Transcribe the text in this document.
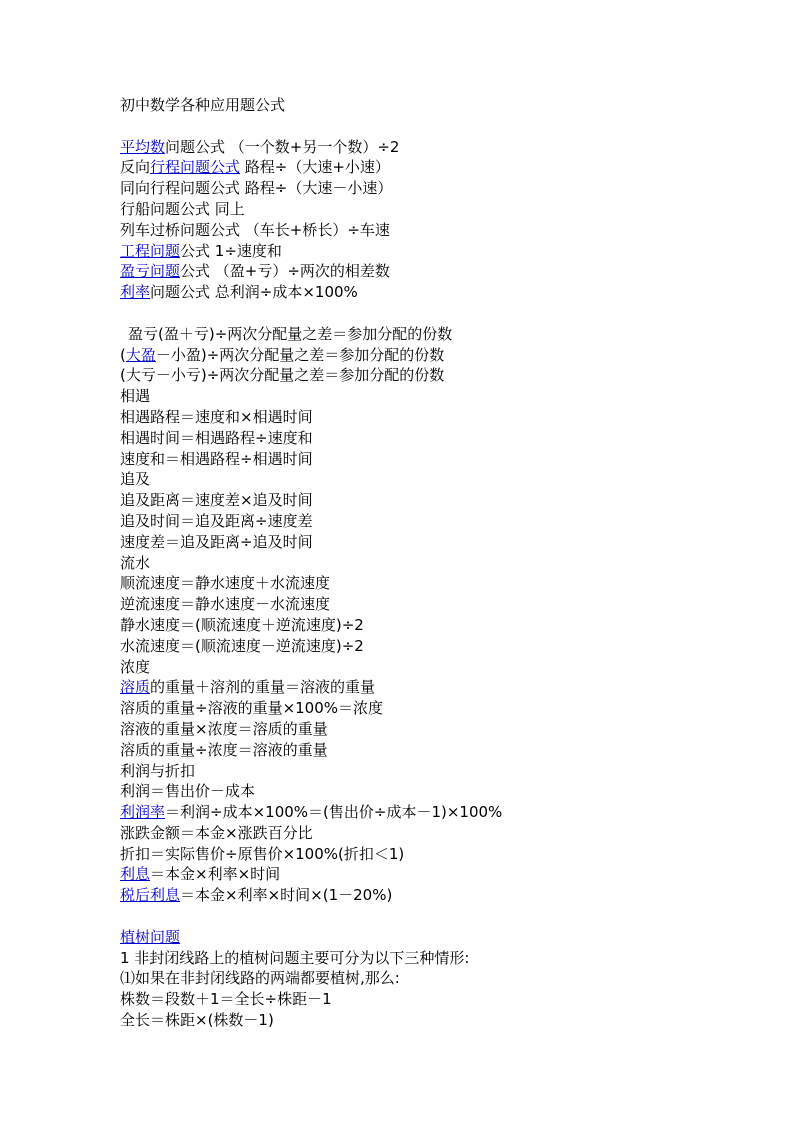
初中数学各种应用题公式
平均数问题公式 （一个数+另一个数）÷2
反向行程问题公式 路程÷（大速+小速）
同向行程问题公式 路程÷（大速－小速）
行船问题公式 同上
列车过桥问题公式 （车长+桥长）÷车速
工程问题公式 1÷速度和
盈亏问题公式 （盈+亏）÷两次的相差数
利率问题公式 总利润÷成本×100%
盈亏(盈＋亏)÷两次分配量之差＝参加分配的份数
(大盈－小盈)÷两次分配量之差＝参加分配的份数
(大亏－小亏)÷两次分配量之差＝参加分配的份数
相遇
相遇路程＝速度和×相遇时间
相遇时间＝相遇路程÷速度和
速度和＝相遇路程÷相遇时间
追及
追及距离＝速度差×追及时间
追及时间＝追及距离÷速度差
速度差＝追及距离÷追及时间
流水
顺流速度＝静水速度＋水流速度
逆流速度＝静水速度－水流速度
静水速度＝(顺流速度＋逆流速度)÷2
水流速度＝(顺流速度－逆流速度)÷2
浓度
溶质的重量＋溶剂的重量＝溶液的重量
溶质的重量÷溶液的重量×100%＝浓度
溶液的重量×浓度＝溶质的重量
溶质的重量÷浓度＝溶液的重量
利润与折扣
利润＝售出价－成本
利润率＝利润÷成本×100%＝(售出价÷成本－1)×100%
涨跌金额＝本金×涨跌百分比
折扣＝实际售价÷原售价×100%(折扣＜1)
利息＝本金×利率×时间
税后利息＝本金×利率×时间×(1－20%)
植树问题
1 非封闭线路上的植树问题主要可分为以下三种情形:
⑴如果在非封闭线路的两端都要植树,那么:
株数＝段数＋1＝全长÷株距－1
全长＝株距×(株数－1)
